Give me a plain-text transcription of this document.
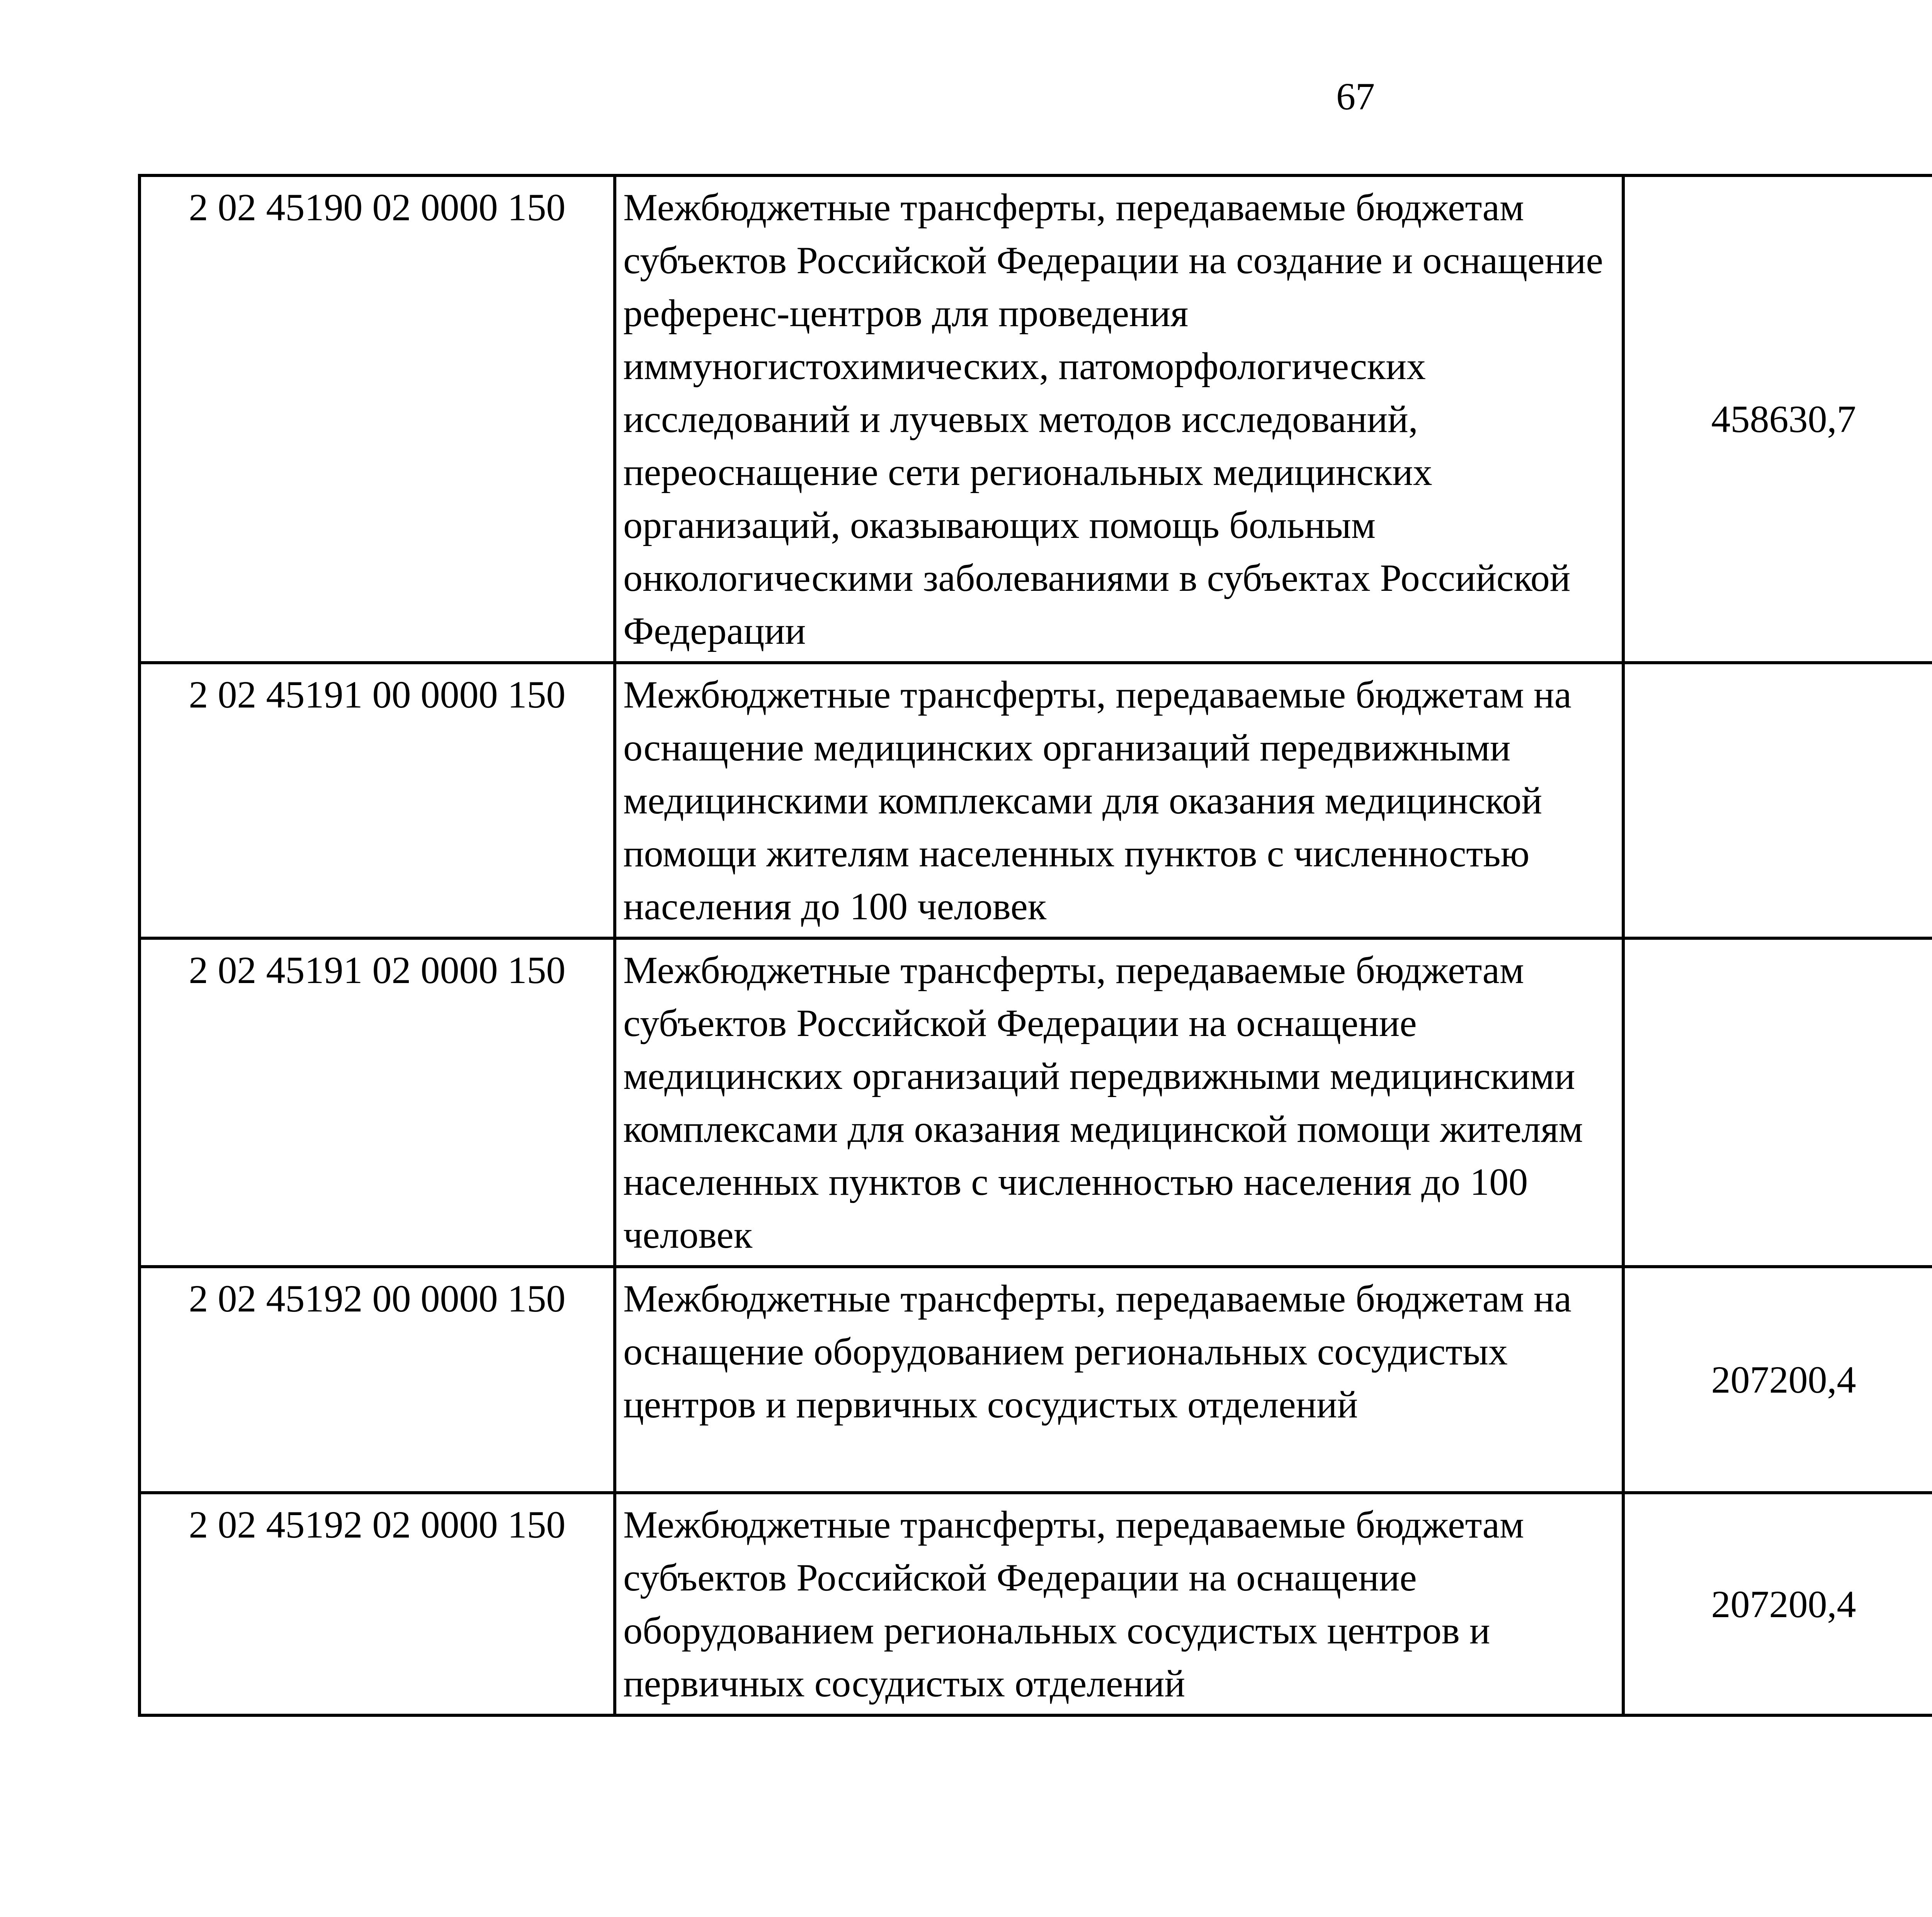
67
2 02 45190 02 0000 150	Межбюджетные трансферты, передаваемые бюджетам субъектов Российской Федерации на создание и оснащение референс-центров для проведения иммуногистохимических, патоморфологических исследований и лучевых методов исследований, переоснащение сети региональных медицинских организаций, оказывающих помощь больным онкологическими заболеваниями в субъектах Российской Федерации	458630,7		
2 02 45191 00 0000 150	Межбюджетные трансферты, передаваемые бюджетам на оснащение медицинских организаций передвижными медицинскими комплексами для оказания медицинской помощи жителям населенных пунктов с численностью населения до 100 человек			
2 02 45191 02 0000 150	Межбюджетные трансферты, передаваемые бюджетам субъектов Российской Федерации на оснащение медицинских организаций передвижными медицинскими комплексами для оказания медицинской помощи жителям населенных пунктов с численностью населения до 100 человек			
2 02 45192 00 0000 150	Межбюджетные трансферты, передаваемые бюджетам на оснащение оборудованием региональных сосудистых центров и первичных сосудистых отделений	207200,4		
2 02 45192 02 0000 150	Межбюджетные трансферты, передаваемые бюджетам субъектов Российской Федерации на оснащение оборудованием региональных сосудистых центров и первичных сосудистых отделений	207200,4		
